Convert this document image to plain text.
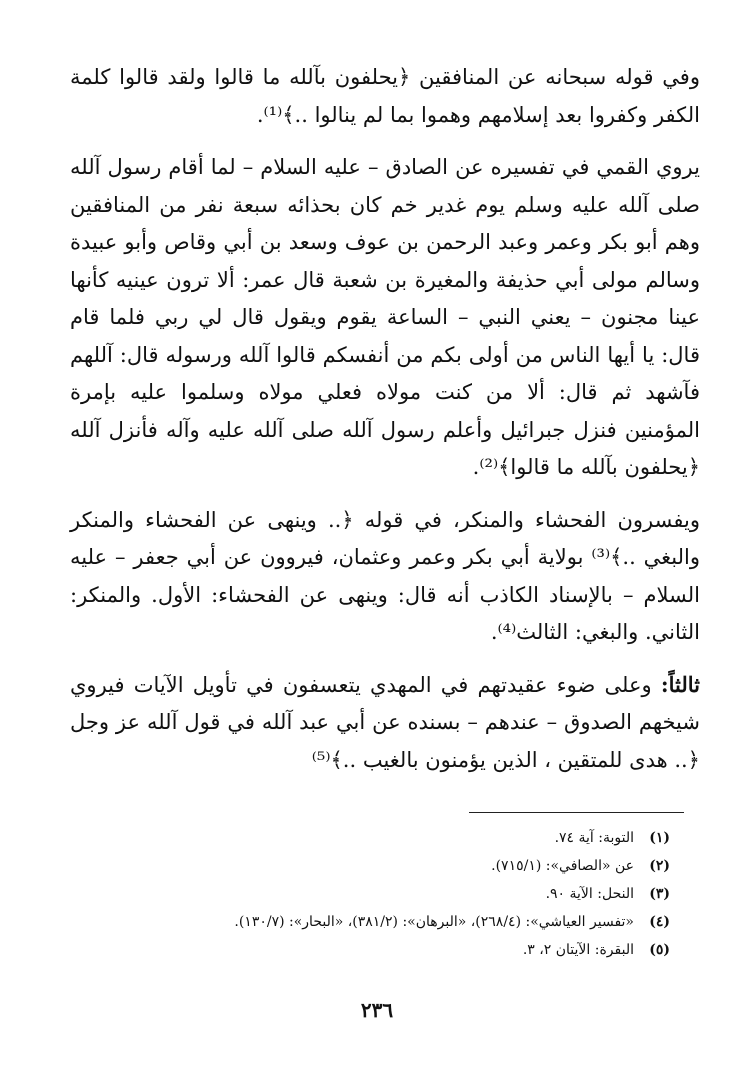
وفي قوله سبحانه عن المنافقين ﴿يحلفون بآلله ما قالوا ولقد قالوا كلمة الكفر وكفروا بعد إسلامهم وهموا بما لم ينالوا ..﴾⁽¹⁾.

يروي القمي في تفسيره عن الصادق – عليه السلام – لما أقام رسول آلله صلى آلله عليه وسلم يوم غدير خم كان بحذائه سبعة نفر من المنافقين وهم أبو بكر وعمر وعبد الرحمن بن عوف وسعد بن أبي وقاص وأبو عبيدة وسالم مولى أبي حذيفة والمغيرة بن شعبة قال عمر: ألا ترون عينيه كأنها عينا مجنون – يعني النبي – الساعة يقوم ويقول قال لي ربي فلما قام قال: يا أيها الناس من أولى بكم من أنفسكم قالوا آلله ورسوله قال: آللهم فآشهد ثم قال: ألا من كنت مولاه فعلي مولاه وسلموا عليه بإمرة المؤمنين فنزل جبرائيل وأعلم رسول آلله صلى آلله عليه وآله فأنزل آلله ﴿يحلفون بآلله ما قالوا﴾⁽²⁾.

ويفسرون الفحشاء والمنكر، في قوله ﴿.. وينهى عن الفحشاء والمنكر والبغي ..﴾⁽³⁾ بولاية أبي بكر وعمر وعثمان، فيروون عن أبي جعفر – عليه السلام – بالإسناد الكاذب أنه قال: وينهى عن الفحشاء: الأول. والمنكر: الثاني. والبغي: الثالث⁽⁴⁾.

ثالثاً: وعلى ضوء عقيدتهم في المهدي يتعسفون في تأويل الآيات فيروي شيخهم الصدوق – عندهم – بسنده عن أبي عبد آلله في قول آلله عز وجل ﴿.. هدى للمتقين ، الذين يؤمنون بالغيب ..﴾⁽⁵⁾

(١)
التوبة: آية ٧٤.
(٢)
عن «الصافي»: (٧١٥/١).
(٣)
النحل: الآية ٩٠.
(٤)
«تفسير العياشي»: (٢٦٨/٤)، «البرهان»: (٣٨١/٢)، «البحار»: (١٣٠/٧).
(٥)
البقرة: الآيتان ٢، ٣.
٢٣٦
